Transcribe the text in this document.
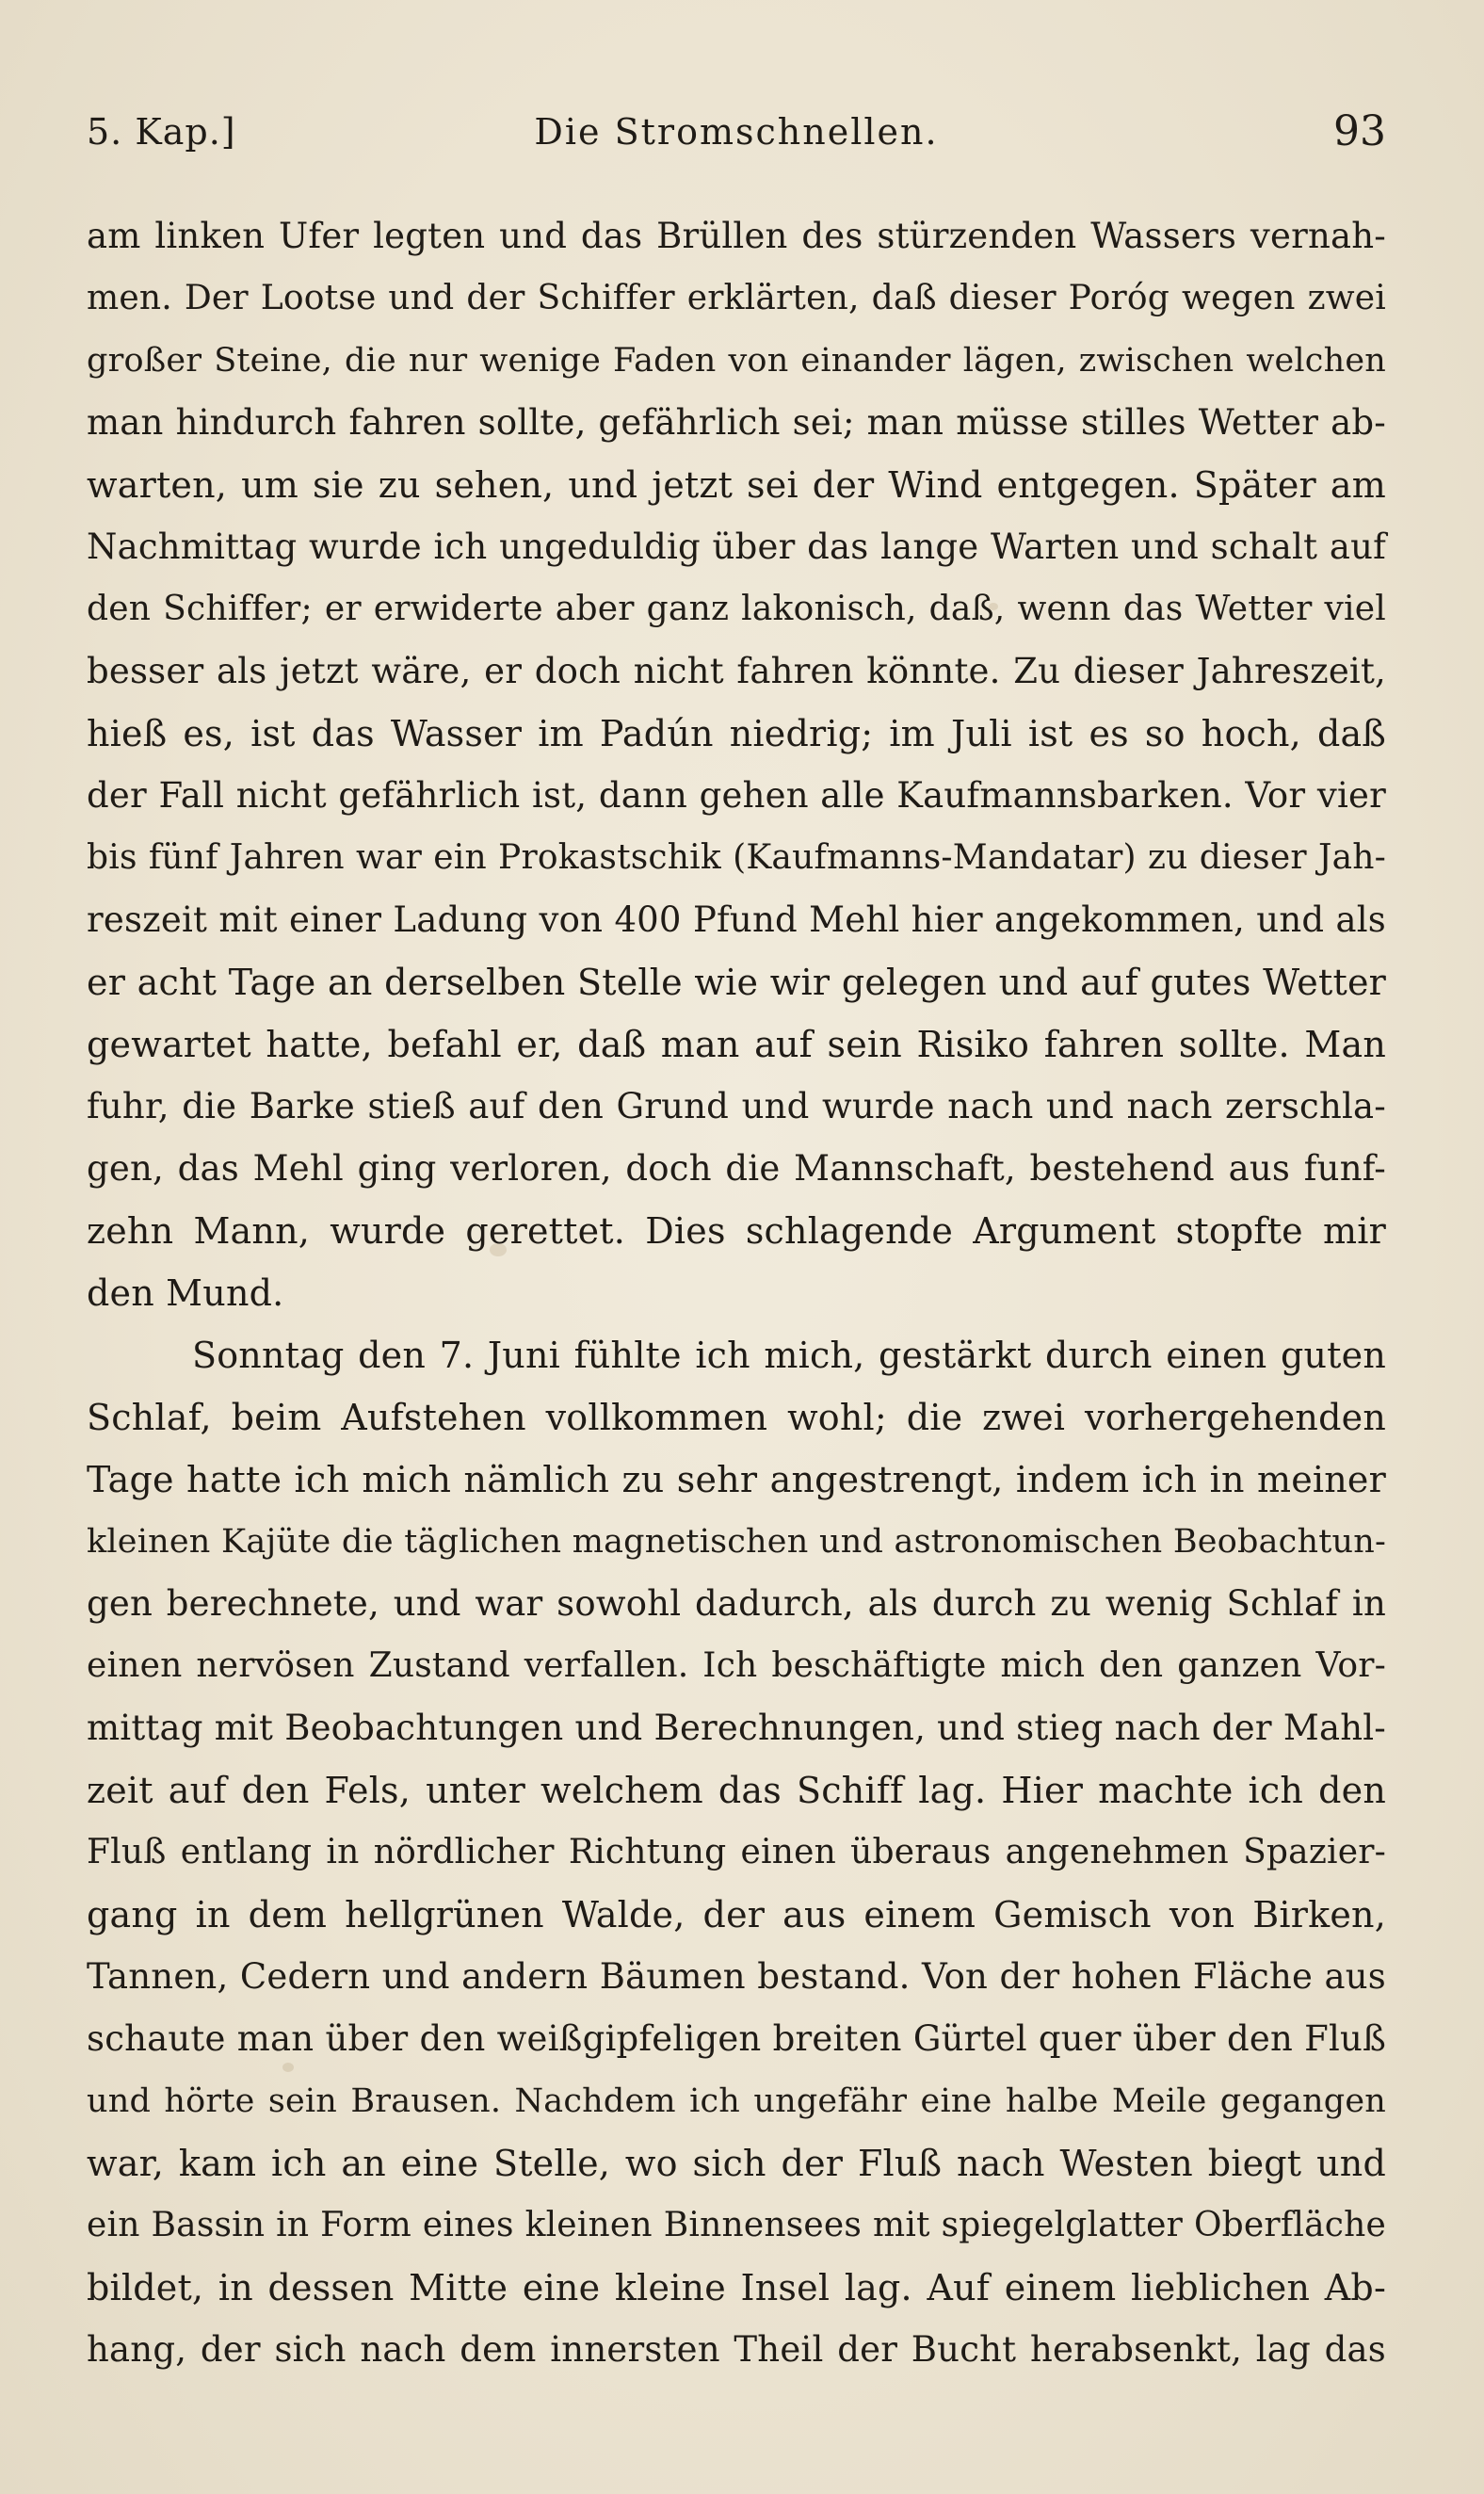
5. Kap.]	Die Stromschnellen.	93
am linken Ufer legten und das Brüllen des stürzenden Wassers vernah-
men. Der Lootse und der Schiffer erklärten, daß dieser Poróg wegen zwei
großer Steine, die nur wenige Faden von einander lägen, zwischen welchen
man hindurch fahren sollte, gefährlich sei; man müsse stilles Wetter ab-
warten, um sie zu sehen, und jetzt sei der Wind entgegen. Später am
Nachmittag wurde ich ungeduldig über das lange Warten und schalt auf
den Schiffer; er erwiderte aber ganz lakonisch, daß, wenn das Wetter viel
besser als jetzt wäre, er doch nicht fahren könnte. Zu dieser Jahreszeit,
hieß es, ist das Wasser im Padún niedrig; im Juli ist es so hoch, daß
der Fall nicht gefährlich ist, dann gehen alle Kaufmannsbarken. Vor vier
bis fünf Jahren war ein Prokastschik (Kaufmanns-Mandatar) zu dieser Jah-
reszeit mit einer Ladung von 400 Pfund Mehl hier angekommen, und als
er acht Tage an derselben Stelle wie wir gelegen und auf gutes Wetter
gewartet hatte, befahl er, daß man auf sein Risiko fahren sollte. Man
fuhr, die Barke stieß auf den Grund und wurde nach und nach zerschla-
gen, das Mehl ging verloren, doch die Mannschaft, bestehend aus funf-
zehn Mann, wurde gerettet. Dies schlagende Argument stopfte mir
den Mund.
Sonntag den 7. Juni fühlte ich mich, gestärkt durch einen guten
Schlaf, beim Aufstehen vollkommen wohl; die zwei vorhergehenden
Tage hatte ich mich nämlich zu sehr angestrengt, indem ich in meiner
kleinen Kajüte die täglichen magnetischen und astronomischen Beobachtun-
gen berechnete, und war sowohl dadurch, als durch zu wenig Schlaf in
einen nervösen Zustand verfallen. Ich beschäftigte mich den ganzen Vor-
mittag mit Beobachtungen und Berechnungen, und stieg nach der Mahl-
zeit auf den Fels, unter welchem das Schiff lag. Hier machte ich den
Fluß entlang in nördlicher Richtung einen überaus angenehmen Spazier-
gang in dem hellgrünen Walde, der aus einem Gemisch von Birken,
Tannen, Cedern und andern Bäumen bestand. Von der hohen Fläche aus
schaute man über den weißgipfeligen breiten Gürtel quer über den Fluß
und hörte sein Brausen. Nachdem ich ungefähr eine halbe Meile gegangen
war, kam ich an eine Stelle, wo sich der Fluß nach Westen biegt und
ein Bassin in Form eines kleinen Binnensees mit spiegelglatter Oberfläche
bildet, in dessen Mitte eine kleine Insel lag. Auf einem lieblichen Ab-
hang, der sich nach dem innersten Theil der Bucht herabsenkt, lag das
